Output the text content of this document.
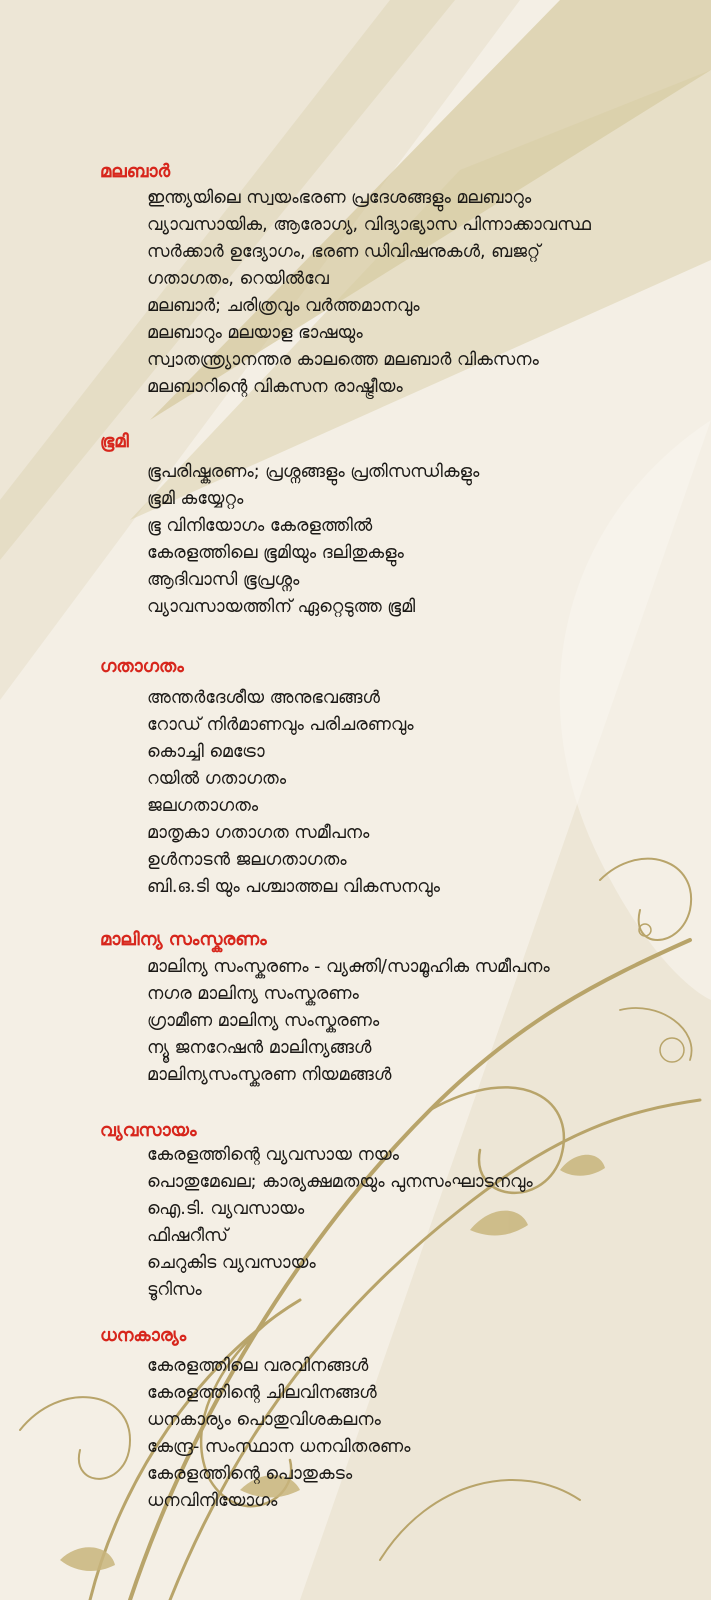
മലബാർ
ഇന്ത്യയിലെ സ്വയംഭരണ പ്രദേശങ്ങളും മലബാറും
വ്യാവസായിക, ആരോഗ്യ, വിദ്യാഭ്യാസ പിന്നാക്കാവസ്ഥ
സർക്കാർ ഉദ്യോഗം, ഭരണ ഡിവിഷനുകൾ, ബജറ്റ്
ഗതാഗതം, റെയിൽവേ
മലബാർ; ചരിത്രവും വർത്തമാനവും
മലബാറും മലയാള ഭാഷയും
സ്വാതന്ത്ര്യാനന്തര കാലത്തെ മലബാർ വികസനം
മലബാറിന്റെ വികസന രാഷ്ട്രീയം
ഭൂമി
ഭൂപരിഷ്കരണം; പ്രശ്നങ്ങളും പ്രതിസന്ധികളും
ഭൂമി കയ്യേറ്റം
ഭൂ വിനിയോഗം കേരളത്തിൽ
കേരളത്തിലെ ഭൂമിയും ദലിതുകളും
ആദിവാസി ഭൂപ്രശ്നം
വ്യാവസായത്തിന് ഏറ്റെടുത്ത ഭൂമി
ഗതാഗതം
അന്തർദേശീയ അനുഭവങ്ങൾ
റോഡ് നിർമാണവും പരിചരണവും
കൊച്ചി മെട്രോ
റയിൽ ഗതാഗതം
ജലഗതാഗതം
മാതൃകാ ഗതാഗത സമീപനം
ഉൾനാടൻ ജലഗതാഗതം
ബി.ഒ.ടി യും പശ്ചാത്തല വികസനവും
മാലിന്യ സംസ്കരണം
മാലിന്യ സംസ്കരണം - വ്യക്തി/സാമൂഹിക സമീപനം
നഗര മാലിന്യ സംസ്കരണം
ഗ്രാമീണ മാലിന്യ സംസ്കരണം
ന്യൂ ജനറേഷൻ മാലിന്യങ്ങൾ
മാലിന്യസംസ്കരണ നിയമങ്ങൾ
വ്യവസായം
കേരളത്തിന്റെ വ്യവസായ നയം
പൊതുമേഖല; കാര്യക്ഷമതയും പുനസംഘാടനവും
ഐ.ടി. വ്യവസായം
ഫിഷറീസ്
ചെറുകിട വ്യവസായം
ടൂറിസം
ധനകാര്യം
കേരളത്തിലെ വരവിനങ്ങൾ
കേരളത്തിന്റെ ചിലവിനങ്ങൾ
ധനകാര്യം പൊതുവിശകലനം
കേന്ദ്ര- സംസ്ഥാന ധനവിതരണം
കേരളത്തിന്റെ പൊതുകടം
ധനവിനിയോഗം
